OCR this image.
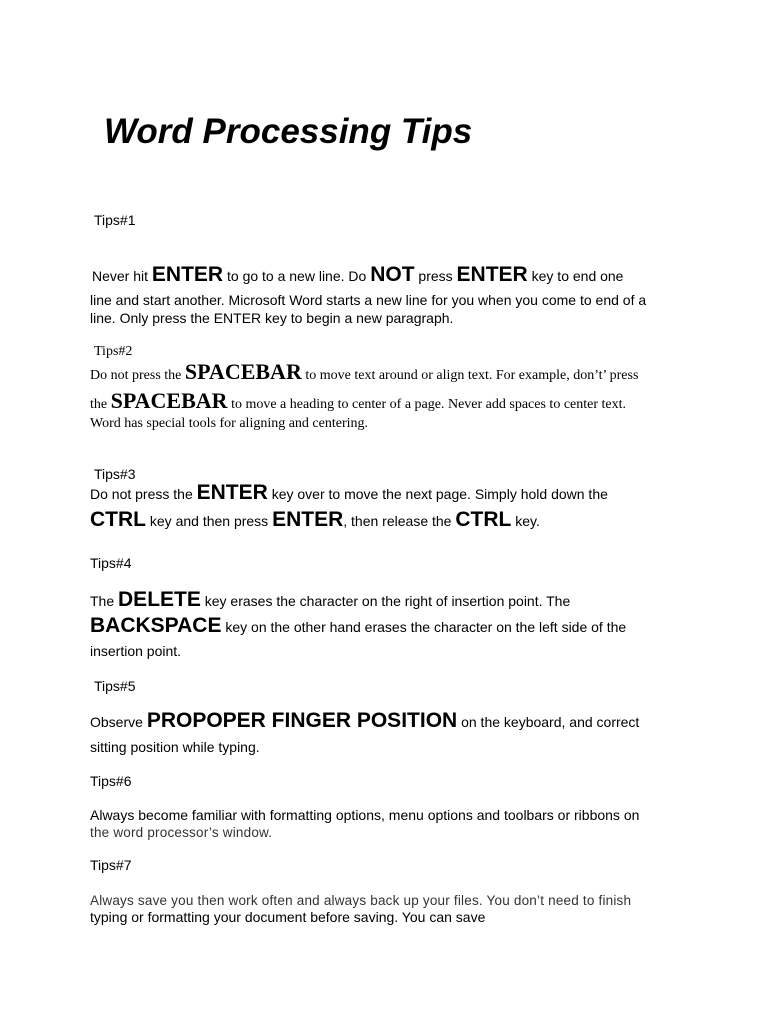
Word Processing Tips
Tips#1
Never hit ENTER to go to a new line. Do NOT press ENTER key to end one
line and start another. Microsoft Word starts a new line for you when you come to end of a
line. Only press the ENTER key to begin a new paragraph.
Tips#2
Do not press the SPACEBAR to move text around or align text. For example, don’t’ press
the SPACEBAR to move a heading to center of a page. Never add spaces to center text.
Word has special tools for aligning and centering.
Tips#3
Do not press the ENTER key over to move the next page. Simply hold down the
CTRL key and then press ENTER, then release the CTRL key.
Tips#4
The DELETE key erases the character on the right of insertion point. The
BACKSPACE key on the other hand erases the character on the left side of the
insertion point.
Tips#5
Observe PROPOPER FINGER POSITION on the keyboard, and correct
sitting position while typing.
Tips#6
Always become familiar with formatting options, menu options and toolbars or ribbons on
the word processor’s window.
Tips#7
Always save you then work often and always back up your files. You don’t need to finish
typing or formatting your document before saving. You can save
